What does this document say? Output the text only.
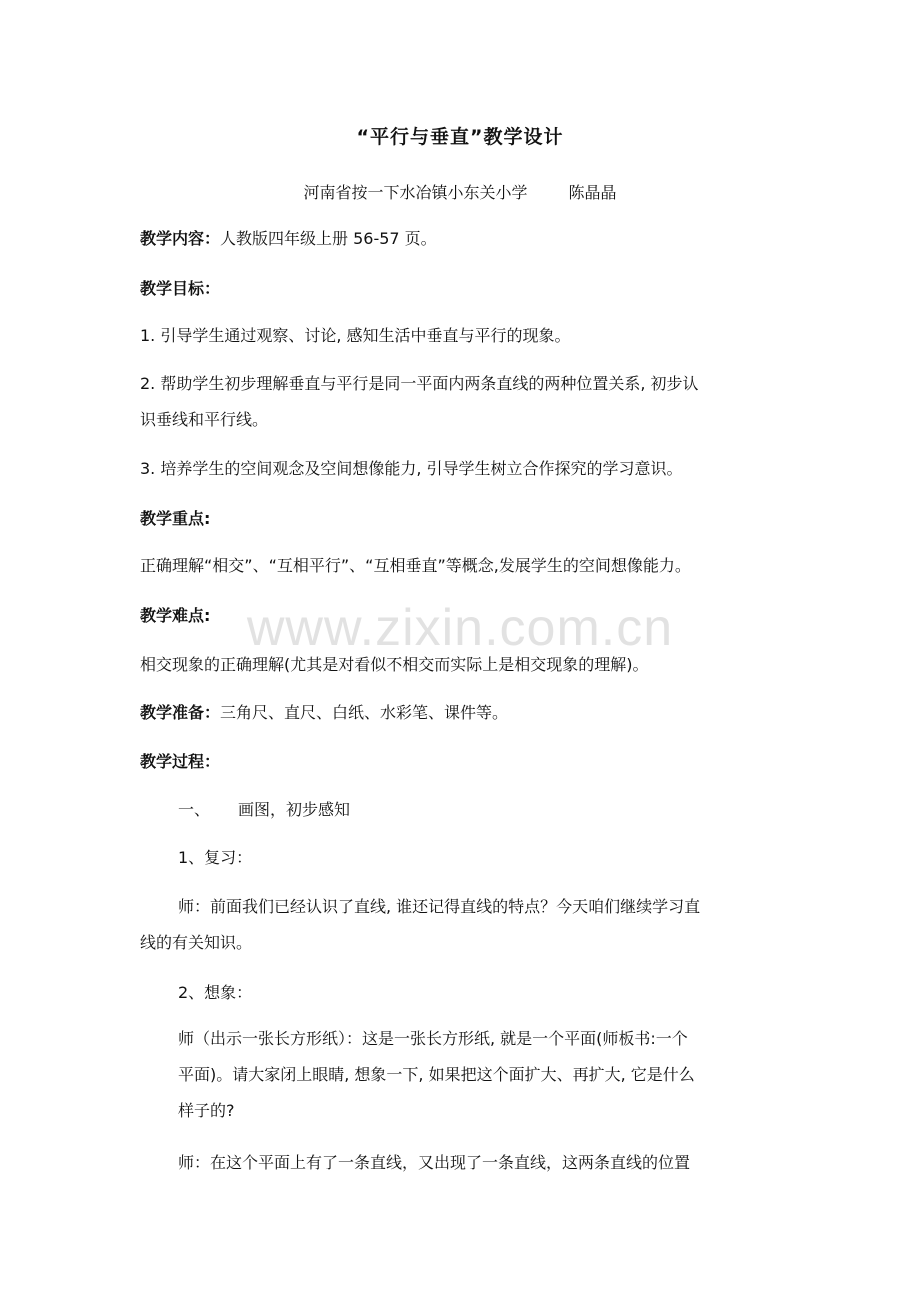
“平行与垂直”教学设计
河南省按一下水冶镇小东关小学	陈晶晶
教学内容：人教版四年级上册 56-57 页。
教学目标：
1. 引导学生通过观察、讨论, 感知生活中垂直与平行的现象。
2. 帮助学生初步理解垂直与平行是同一平面内两条直线的两种位置关系, 初步认
识垂线和平行线。
3. 培养学生的空间观念及空间想像能力, 引导学生树立合作探究的学习意识。
教学重点:
正确理解“相交”、“互相平行”、“互相垂直”等概念,发展学生的空间想像能力。
教学难点:
相交现象的正确理解(尤其是对看似不相交而实际上是相交现象的理解)。
教学准备：三角尺、直尺、白纸、水彩笔、课件等。
教学过程：
一、 画图，初步感知
1、复习：
师：前面我们已经认识了直线, 谁还记得直线的特点？今天咱们继续学习直
线的有关知识。
2、想象：
师（出示一张长方形纸）：这是一张长方形纸, 就是一个平面(师板书:一个
平面)。请大家闭上眼睛, 想象一下, 如果把这个面扩大、再扩大, 它是什么
样子的?
师：在这个平面上有了一条直线，又出现了一条直线，这两条直线的位置
www.zixin.com.cn
